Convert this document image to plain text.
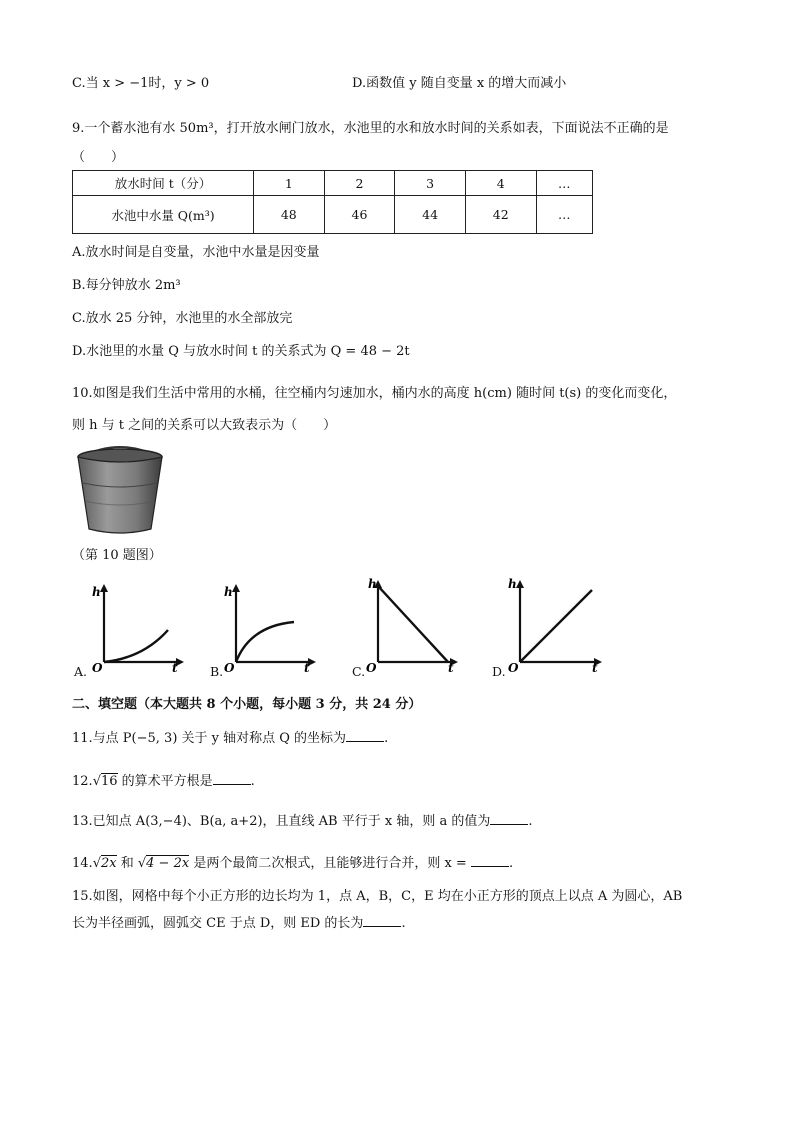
C.当 x > −1时，y > 0	D.函数值 y 随自变量 x 的增大而减小
9.一个蓄水池有水 50m³，打开放水闸门放水，水池里的水和放水时间的关系如表，下面说法不正确的是
（　　）
放水时间 t（分）	1	2	3	4	…
水池中水量 Q(m³)	48	46	44	42	…
A.放水时间是自变量，水池中水量是因变量
B.每分钟放水 2m³
C.放水 25 分钟，水池里的水全部放完
D.水池里的水量 Q 与放水时间 t 的关系式为 Q = 48 − 2t
10.如图是我们生活中常用的水桶，往空桶内匀速加水，桶内水的高度 h(cm) 随时间 t(s) 的变化而变化，
则 h 与 t 之间的关系可以大致表示为（　　）
（第 10 题图）
h
t
O
A.
h
t
O
B.
h
t
O
C.
h
t
O
D.
二、填空题（本大题共 8 个小题，每小题 3 分，共 24 分）
11.与点 P(−5, 3) 关于 y 轴对称点 Q 的坐标为	.
12.√16 的算术平方根是	.
13.已知点 A(3,−4)、B(a, a+2)，且直线 AB 平行于 x 轴，则 a 的值为	.
14.√2x 和 √4 − 2x 是两个最简二次根式，且能够进行合并，则 x =	.
15.如图，网格中每个小正方形的边长均为 1，点 A，B，C，E 均在小正方形的顶点上以点 A 为圆心，AB
长为半径画弧，圆弧交 CE 于点 D，则 ED 的长为	.
